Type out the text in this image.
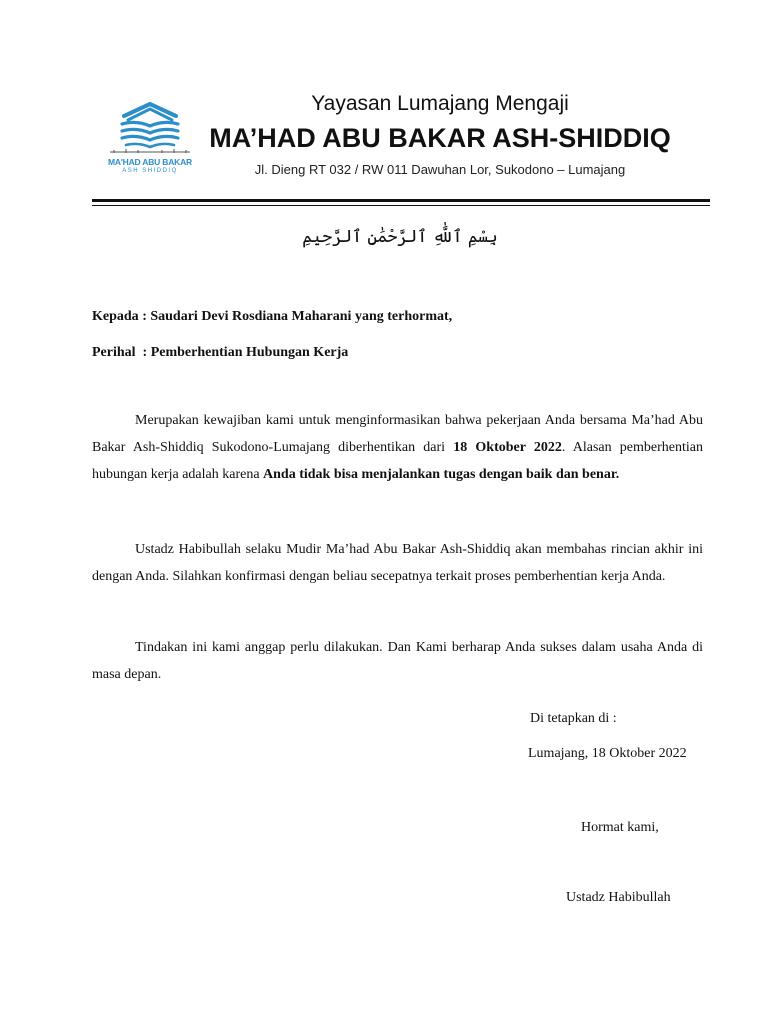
MA'HAD ABU BAKAR
ASH SHIDDIQ
Yayasan Lumajang Mengaji
MA’HAD ABU BAKAR ASH-SHIDDIQ
Jl. Dieng RT 032 / RW 011 Dawuhan Lor, Sukodono – Lumajang
بِسْمِ ٱللَّٰهِ ٱلرَّحْمَٰنِ ٱلرَّحِيمِ
Kepada : Saudari Devi Rosdiana Maharani yang terhormat,
Perihal : Pemberhentian Hubungan Kerja

Merupakan kewajiban kami untuk menginformasikan bahwa pekerjaan Anda bersama Ma’had Abu Bakar Ash-Shiddiq Sukodono-Lumajang diberhentikan dari 18 Oktober 2022. Alasan pemberhentian hubungan kerja adalah karena Anda tidak bisa menjalankan tugas dengan baik dan benar.

Ustadz Habibullah selaku Mudir Ma’had Abu Bakar Ash-Shiddiq akan membahas rincian akhir ini dengan Anda. Silahkan konfirmasi dengan beliau secepatnya terkait proses pemberhentian kerja Anda.

Tindakan ini kami anggap perlu dilakukan. Dan Kami berharap Anda sukses dalam usaha Anda di masa depan.

Di tetapkan di :
Lumajang, 18 Oktober 2022
Hormat kami,
Ustadz Habibullah
